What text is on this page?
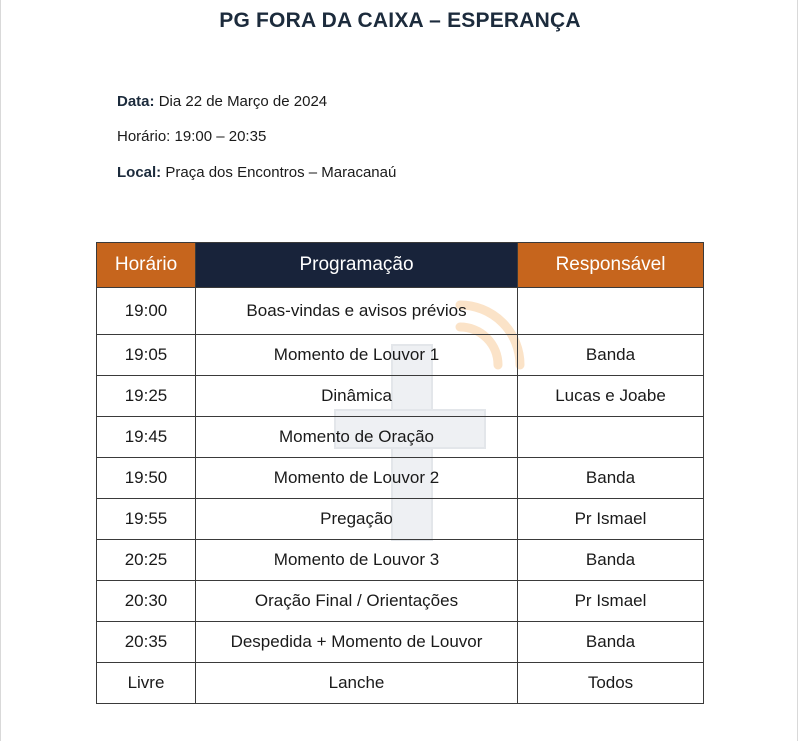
PG FORA DA CAIXA – ESPERANÇA
Data: Dia 22 de Março de 2024
Horário: 19:00 – 20:35
Local: Praça dos Encontros – Maracanaú
Horário	Programação	Responsável
19:00	Boas-vindas e avisos prévios	
19:05	Momento de Louvor 1	Banda
19:25	Dinâmica	Lucas e Joabe
19:45	Momento de Oração	
19:50	Momento de Louvor 2	Banda
19:55	Pregação	Pr Ismael
20:25	Momento de Louvor 3	Banda
20:30	Oração Final / Orientações	Pr Ismael
20:35	Despedida + Momento de Louvor	Banda
Livre	Lanche	Todos
